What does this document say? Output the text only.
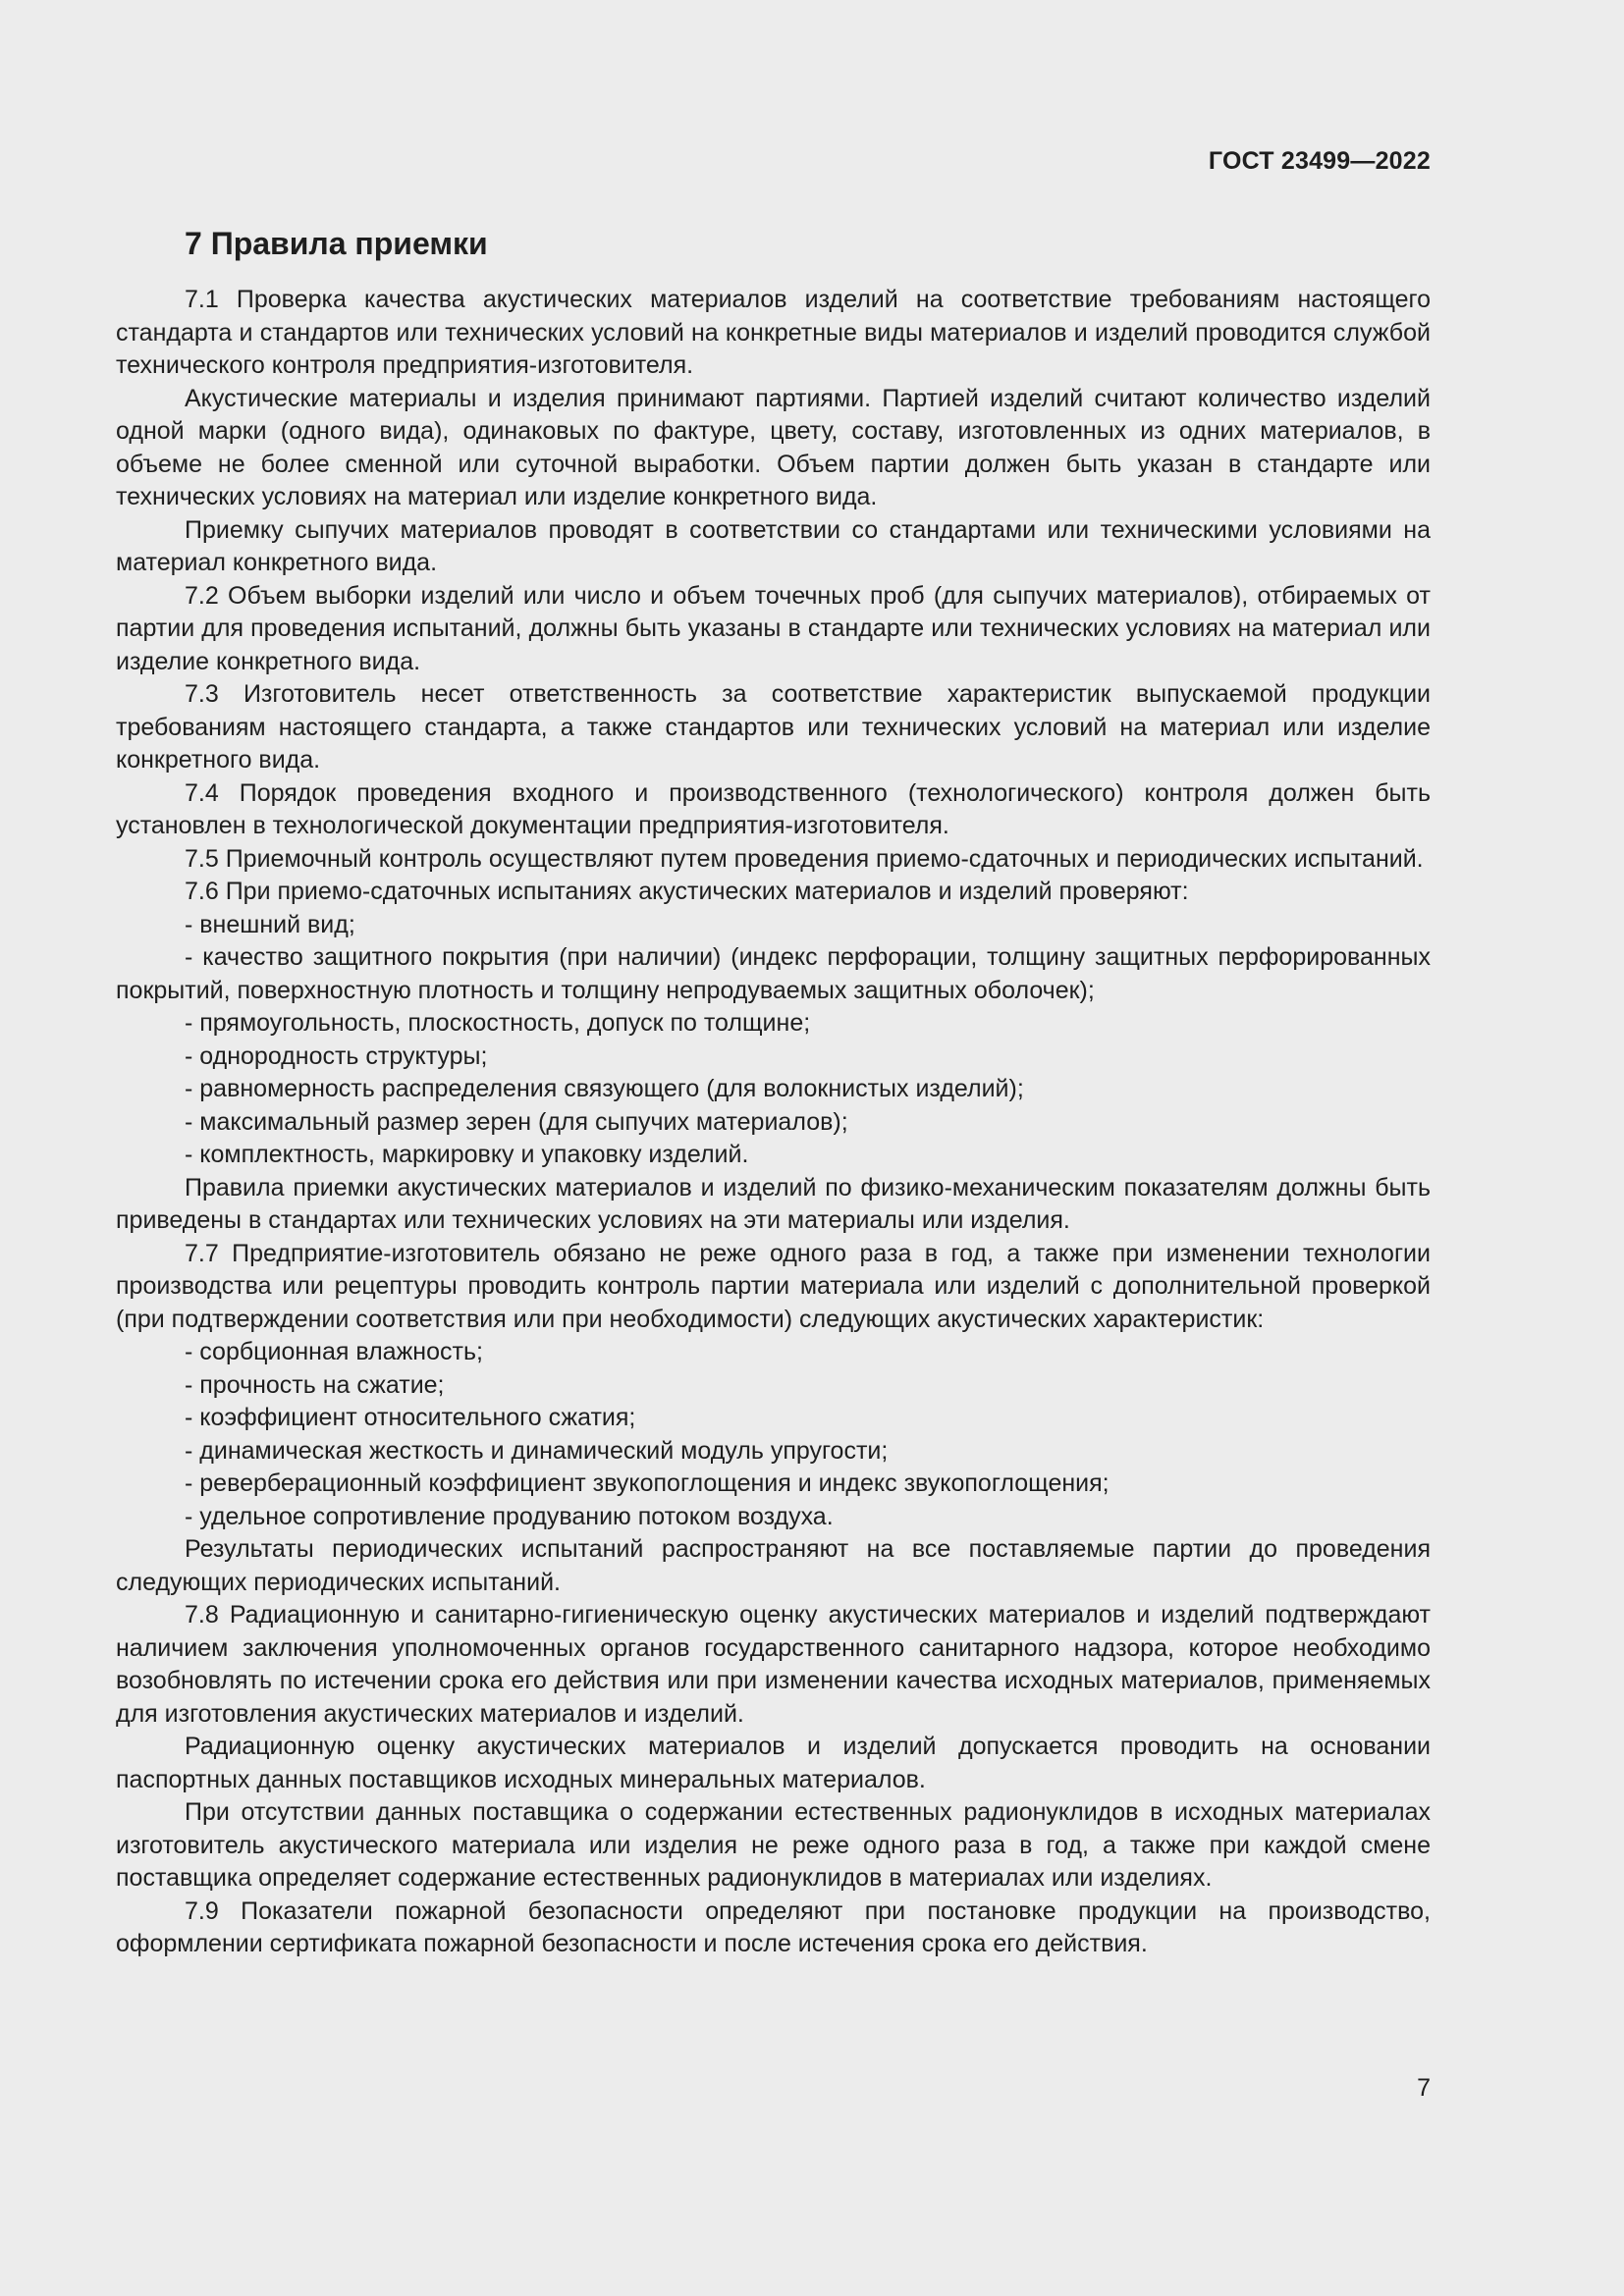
ГОСТ 23499—2022
7 Правила приемки

7.1 Проверка качества акустических материалов изделий на соответствие требованиям настоящего стандарта и стандартов или технических условий на конкретные виды материалов и изделий проводится службой технического контроля предприятия-изготовителя.

Акустические материалы и изделия принимают партиями. Партией изделий считают количество изделий одной марки (одного вида), одинаковых по фактуре, цвету, составу, изготовленных из одних материалов, в объеме не более сменной или суточной выработки. Объем партии должен быть указан в стандарте или технических условиях на материал или изделие конкретного вида.

Приемку сыпучих материалов проводят в соответствии со стандартами или техническими условиями на материал конкретного вида.

7.2 Объем выборки изделий или число и объем точечных проб (для сыпучих материалов), отбираемых от партии для проведения испытаний, должны быть указаны в стандарте или технических условиях на материал или изделие конкретного вида.

7.3 Изготовитель несет ответственность за соответствие характеристик выпускаемой продукции требованиям настоящего стандарта, а также стандартов или технических условий на материал или изделие конкретного вида.

7.4 Порядок проведения входного и производственного (технологического) контроля должен быть установлен в технологической документации предприятия-изготовителя.

7.5 Приемочный контроль осуществляют путем проведения приемо-сдаточных и периодических испытаний.

7.6 При приемо-сдаточных испытаниях акустических материалов и изделий проверяют:

- внешний вид;
- качество защитного покрытия (при наличии) (индекс перфорации, толщину защитных перфорированных покрытий, поверхностную плотность и толщину непродуваемых защитных оболочек);
- прямоугольность, плоскостность, допуск по толщине;
- однородность структуры;
- равномерность распределения связующего (для волокнистых изделий);
- максимальный размер зерен (для сыпучих материалов);
- комплектность, маркировку и упаковку изделий.

Правила приемки акустических материалов и изделий по физико-механическим показателям должны быть приведены в стандартах или технических условиях на эти материалы или изделия.

7.7 Предприятие-изготовитель обязано не реже одного раза в год, а также при изменении технологии производства или рецептуры проводить контроль партии материала или изделий с дополнительной проверкой (при подтверждении соответствия или при необходимости) следующих акустических характеристик:

- сорбционная влажность;
- прочность на сжатие;
- коэффициент относительного сжатия;
- динамическая жесткость и динамический модуль упругости;
- реверберационный коэффициент звукопоглощения и индекс звукопоглощения;
- удельное сопротивление продуванию потоком воздуха.

Результаты периодических испытаний распространяют на все поставляемые партии до проведения следующих периодических испытаний.

7.8 Радиационную и санитарно-гигиеническую оценку акустических материалов и изделий подтверждают наличием заключения уполномоченных органов государственного санитарного надзора, которое необходимо возобновлять по истечении срока его действия или при изменении качества исходных материалов, применяемых для изготовления акустических материалов и изделий.

Радиационную оценку акустических материалов и изделий допускается проводить на основании паспортных данных поставщиков исходных минеральных материалов.

При отсутствии данных поставщика о содержании естественных радионуклидов в исходных материалах изготовитель акустического материала или изделия не реже одного раза в год, а также при каждой смене поставщика определяет содержание естественных радионуклидов в материалах или изделиях.

7.9 Показатели пожарной безопасности определяют при постановке продукции на производство, оформлении сертификата пожарной безопасности и после истечения срока его действия.

7
